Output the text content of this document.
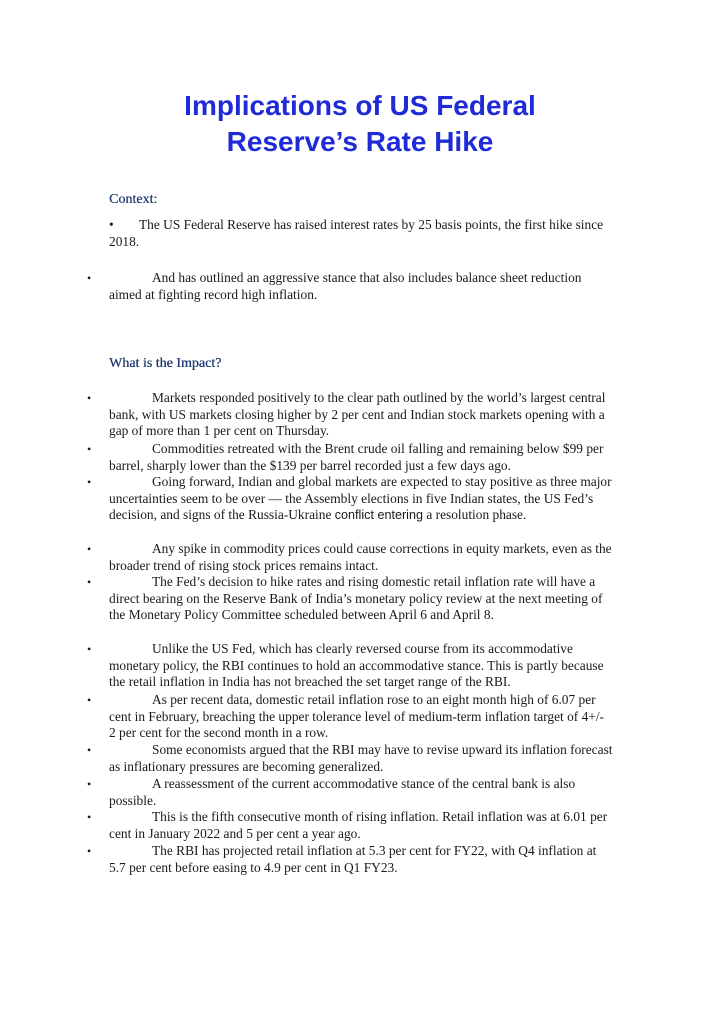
Implications of US Federal
Reserve’s Rate Hike
Context:
• The US Federal Reserve has raised interest rates by 25 basis points, the first hike since 2018.
•	And has outlined an aggressive stance that also includes balance sheet reduction aimed at fighting record high inflation.
What is the Impact?
•	Markets responded positively to the clear path outlined by the world’s largest central bank, with US markets closing higher by 2 per cent and Indian stock markets opening with a gap of more than 1 per cent on Thursday.
•	Commodities retreated with the Brent crude oil falling and remaining below $99 per barrel, sharply lower than the $139 per barrel recorded just a few days ago.
•	Going forward, Indian and global markets are expected to stay positive as three major uncertainties seem to be over — the Assembly elections in five Indian states, the US Fed’s decision, and signs of the Russia-Ukraine conflict entering a resolution phase.
•	Any spike in commodity prices could cause corrections in equity markets, even as the broader trend of rising stock prices remains intact.
•	The Fed’s decision to hike rates and rising domestic retail inflation rate will have a direct bearing on the Reserve Bank of India’s monetary policy review at the next meeting of the Monetary Policy Committee scheduled between April 6 and April 8.
•	Unlike the US Fed, which has clearly reversed course from its accommodative monetary policy, the RBI continues to hold an accommodative stance. This is partly because the retail inflation in India has not breached the set target range of the RBI.
•	As per recent data, domestic retail inflation rose to an eight month high of 6.07 per cent in February, breaching the upper tolerance level of medium-term inflation target of 4+/- 2 per cent for the second month in a row.
•	Some economists argued that the RBI may have to revise upward its inflation forecast as inflationary pressures are becoming generalized.
•	A reassessment of the current accommodative stance of the central bank is also possible.
•	This is the fifth consecutive month of rising inflation. Retail inflation was at 6.01 per cent in January 2022 and 5 per cent a year ago.
•	The RBI has projected retail inflation at 5.3 per cent for FY22, with Q4 inflation at 5.7 per cent before easing to 4.9 per cent in Q1 FY23.
